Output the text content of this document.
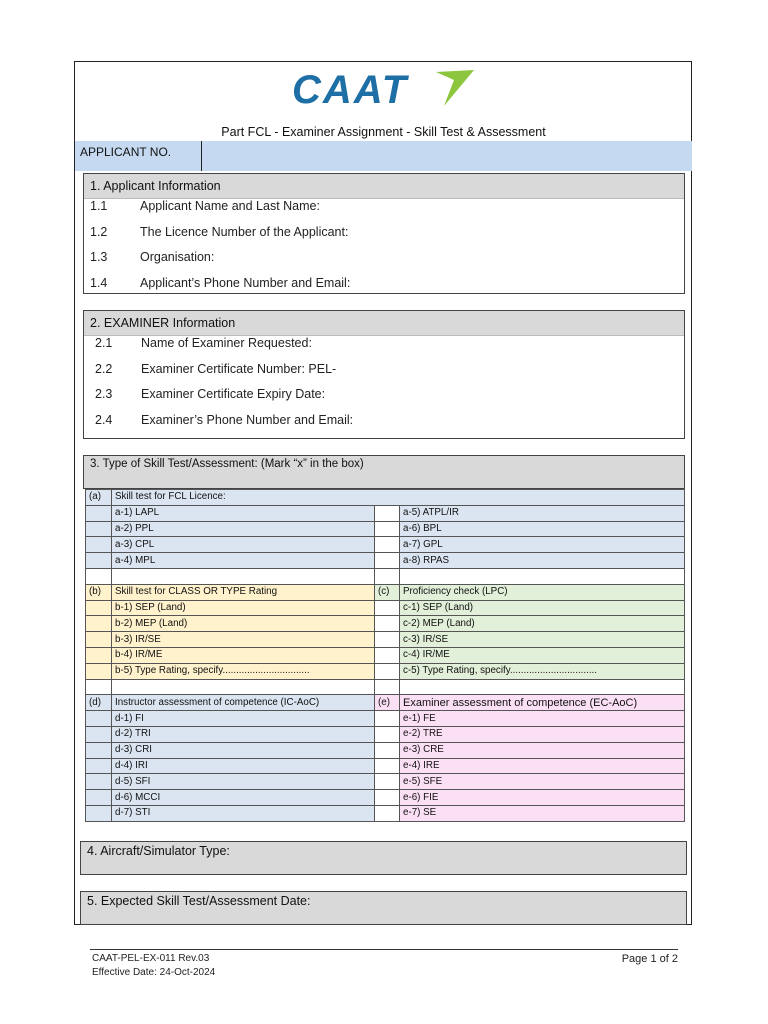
CAAT
Part FCL - Examiner Assignment - Skill Test & Assessment
APPLICANT NO.
1. Applicant Information
1.1	Applicant Name and Last Name:
1.2	The Licence Number of the Applicant:
1.3	Organisation:
1.4	Applicant’s Phone Number and Email:
2. EXAMINER Information
2.1 Name of Examiner Requested:
2.2 Examiner Certificate Number: PEL-
2.3 Examiner Certificate Expiry Date:
2.4 Examiner’s Phone Number and Email:
3. Type of Skill Test/Assessment: (Mark “x” in the box)
(a)	Skill test for FCL Licence:		
	a-1) LAPL		a-5) ATPL/IR
	a-2) PPL		a-6) BPL
	a-3) CPL		a-7) GPL
	a-4) MPL		a-8) RPAS

(b)	Skill test for CLASS OR TYPE Rating	(c)	Proficiency check (LPC)
	b-1) SEP (Land)		c-1) SEP (Land)
	b-2) MEP (Land)		c-2) MEP (Land)
	b-3) IR/SE		c-3) IR/SE
	b-4) IR/ME		c-4) IR/ME
	b-5) Type Rating, specify................................		c-5) Type Rating, specify................................

(d)	Instructor assessment of competence (IC-AoC)	(e)	Examiner assessment of competence (EC-AoC)
	d-1) FI		e-1) FE
	d-2) TRI		e-2) TRE
	d-3) CRI		e-3) CRE
	d-4) IRI		e-4) IRE
	d-5) SFI		e-5) SFE
	d-6) MCCI		e-6) FIE
	d-7) STI		e-7) SE
4. Aircraft/Simulator Type:
5. Expected Skill Test/Assessment Date:
CAAT-PEL-EX-011 Rev.03
Effective Date: 24-Oct-2024
Page 1 of 2
